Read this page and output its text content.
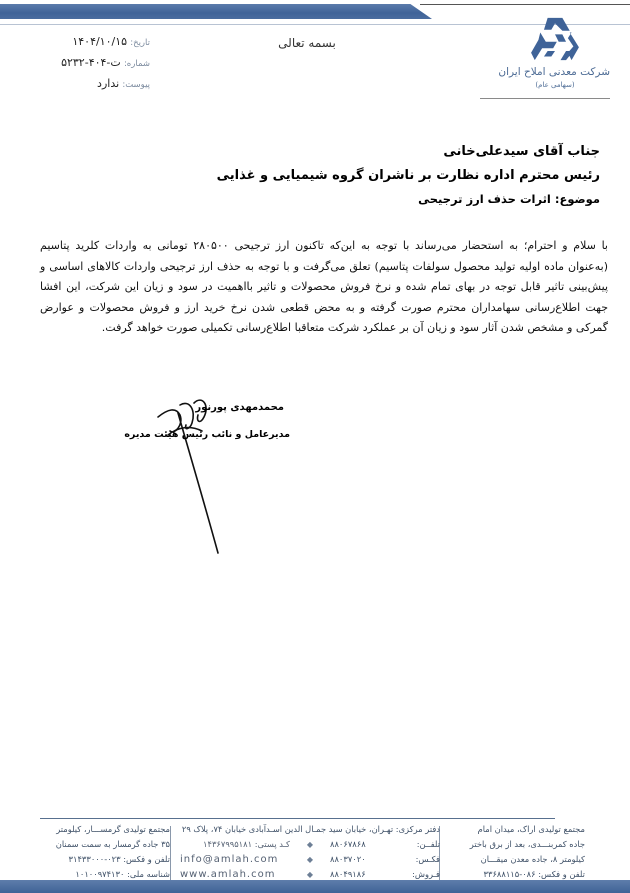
تاریخ: ۱۴۰۴/۱۰/۱۵
شماره: ت-۴۰۴-۵۲۳۲
پیوست: ندارد
بسمه تعالی
شرکت معدنی املاح ایران
(سهامی عام)
جناب آقای سیدعلی‌خانی
رئیس محترم اداره نظارت بر ناشران گروه شیمیایی و غذایی
موضوع: اثرات حذف ارز ترجیحی
با سلام و احترام؛ به استحضار می‌رساند با توجه به این‌که تاکنون ارز ترجیحی ۲۸۰۵۰۰ تومانی به واردات کلرید پتاسیم (به‌عنوان ماده اولیه تولید محصول سولفات پتاسیم) تعلق می‌گرفت و با توجه به حذف ارز ترجیحی واردات کالاهای اساسی و پیش‌بینی تاثیر قابل توجه در بهای تمام شده و نرخ فروش محصولات و تاثیر بااهمیت در سود و زیان این شرکت، این افشا جهت اطلاع‌رسانی سهامداران محترم صورت گرفته و به محض قطعی شدن نرخ خرید ارز و فروش محصولات و عوارض گمرکی و مشخص شدن آثار سود و زیان آن بر عملکرد شرکت متعاقبا اطلاع‌رسانی تکمیلی صورت خواهد گرفت.
محمدمهدی پورنور
مدیرعامل و نائب رئیس هیئت مدیره
مجتمع تولیدی اراک، میدان امام
جاده کمربنـــدی، بعد از برق باختر
کیلومتر ۸، جاده معدن میقـــان
تلفن و فکس: ۰۸۶-۳۳۶۸۸۱۱۵
دفتر مرکزی: تهـران، خیابان سید جمـال الدین اسـدآبادی خیابان ۷۴، پلاک ۲۹
تلفــن:
۸۸۰۶۷۸۶۸
◆
کـد پستی: ۱۴۳۶۷۹۹۵۱۸۱
فکـس:
۸۸۰۳۷۰۲۰
◆
info@amlah.com
فـروش:
۸۸۰۴۹۱۸۶
◆
www.amlah.com
مجتمع تولیدی گرمســـار، کیلومتر
۳۵ جاده گرمسار به سمت سمنان
تلفن و فکس: ۰۲۳-۳۱۴۳۳۰۰۰
شناسه ملی: ۱۰۱۰۰۹۷۴۱۳۰
